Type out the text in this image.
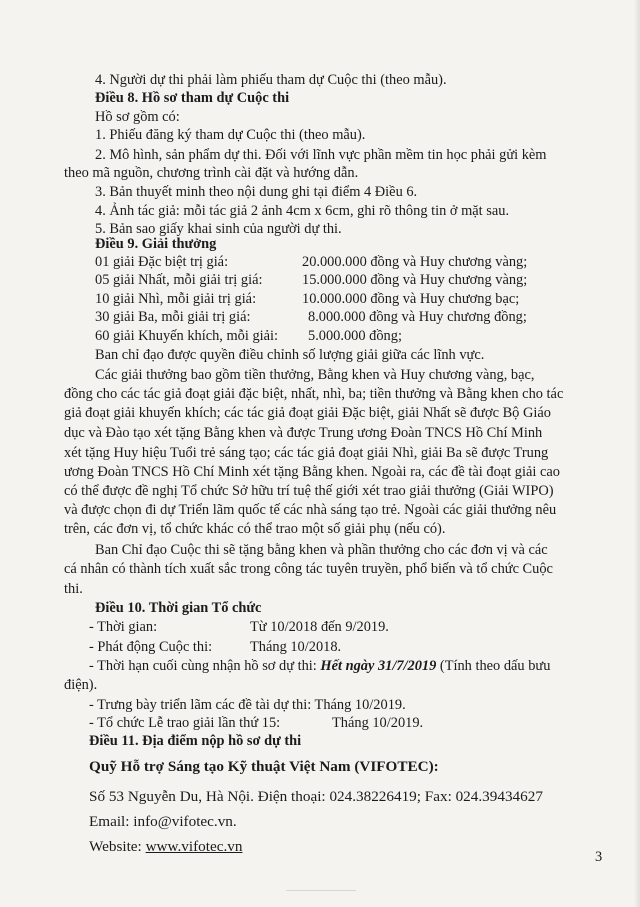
4. Người dự thi phải làm phiếu tham dự Cuộc thi (theo mẫu).
Điều 8. Hồ sơ tham dự Cuộc thi
Hồ sơ gồm có:
1. Phiếu đăng ký tham dự Cuộc thi (theo mẫu).
2. Mô hình, sản phẩm dự thi. Đối với lĩnh vực phần mềm tin học phải gửi kèm
theo mã nguồn, chương trình cài đặt và hướng dẫn.
3. Bản thuyết minh theo nội dung ghi tại điểm 4 Điều 6.
4. Ảnh tác giả: mỗi tác giả 2 ảnh 4cm x 6cm, ghi rõ thông tin ở mặt sau.
5. Bản sao giấy khai sinh của người dự thi.
Điều 9. Giải thưởng
01 giải Đặc biệt trị giá:	20.000.000 đồng và Huy chương vàng;
05 giải Nhất, mỗi giải trị giá:	15.000.000 đồng và Huy chương vàng;
10 giải Nhì, mỗi giải trị giá:	10.000.000 đồng và Huy chương bạc;
30 giải Ba, mỗi giải trị giá:	8.000.000 đồng và Huy chương đồng;
60 giải Khuyến khích, mỗi giải: 5.000.000 đồng;
Ban chỉ đạo được quyền điều chỉnh số lượng giải giữa các lĩnh vực.
Các giải thưởng bao gồm tiền thưởng, Bằng khen và Huy chương vàng, bạc,
đồng cho các tác giả đoạt giải đặc biệt, nhất, nhì, ba; tiền thưởng và Bằng khen cho tác
giả đoạt giải khuyến khích; các tác giả đoạt giải Đặc biệt, giải Nhất sẽ được Bộ Giáo
dục và Đào tạo xét tặng Bằng khen và được Trung ương Đoàn TNCS Hồ Chí Minh
xét tặng Huy hiệu Tuổi trẻ sáng tạo; các tác giả đoạt giải Nhì, giải Ba sẽ được Trung
ương Đoàn TNCS Hồ Chí Minh xét tặng Bằng khen. Ngoài ra, các đề tài đoạt giải cao
có thể được đề nghị Tổ chức Sở hữu trí tuệ thế giới xét trao giải thưởng (Giải WIPO)
và được chọn đi dự Triển lãm quốc tế các nhà sáng tạo trẻ. Ngoài các giải thưởng nêu
trên, các đơn vị, tổ chức khác có thể trao một số giải phụ (nếu có).
Ban Chỉ đạo Cuộc thi sẽ tặng bằng khen và phần thưởng cho các đơn vị và các
cá nhân có thành tích xuất sắc trong công tác tuyên truyền, phổ biến và tổ chức Cuộc
thi.
Điều 10. Thời gian Tổ chức
- Thời gian:	Từ 10/2018 đến 9/2019.
- Phát động Cuộc thi:	Tháng 10/2018.
- Thời hạn cuối cùng nhận hồ sơ dự thi: Hết ngày 31/7/2019 (Tính theo dấu bưu
điện).
- Trưng bày triển lãm các đề tài dự thi: Tháng 10/2019.
- Tổ chức Lễ trao giải lần thứ 15:	Tháng 10/2019.
Điều 11. Địa điểm nộp hồ sơ dự thi
Quỹ Hỗ trợ Sáng tạo Kỹ thuật Việt Nam (VIFOTEC):
Số 53 Nguyễn Du, Hà Nội. Điện thoại: 024.38226419; Fax: 024.39434627
Email: info@vifotec.vn.
Website: www.vifotec.vn
3
